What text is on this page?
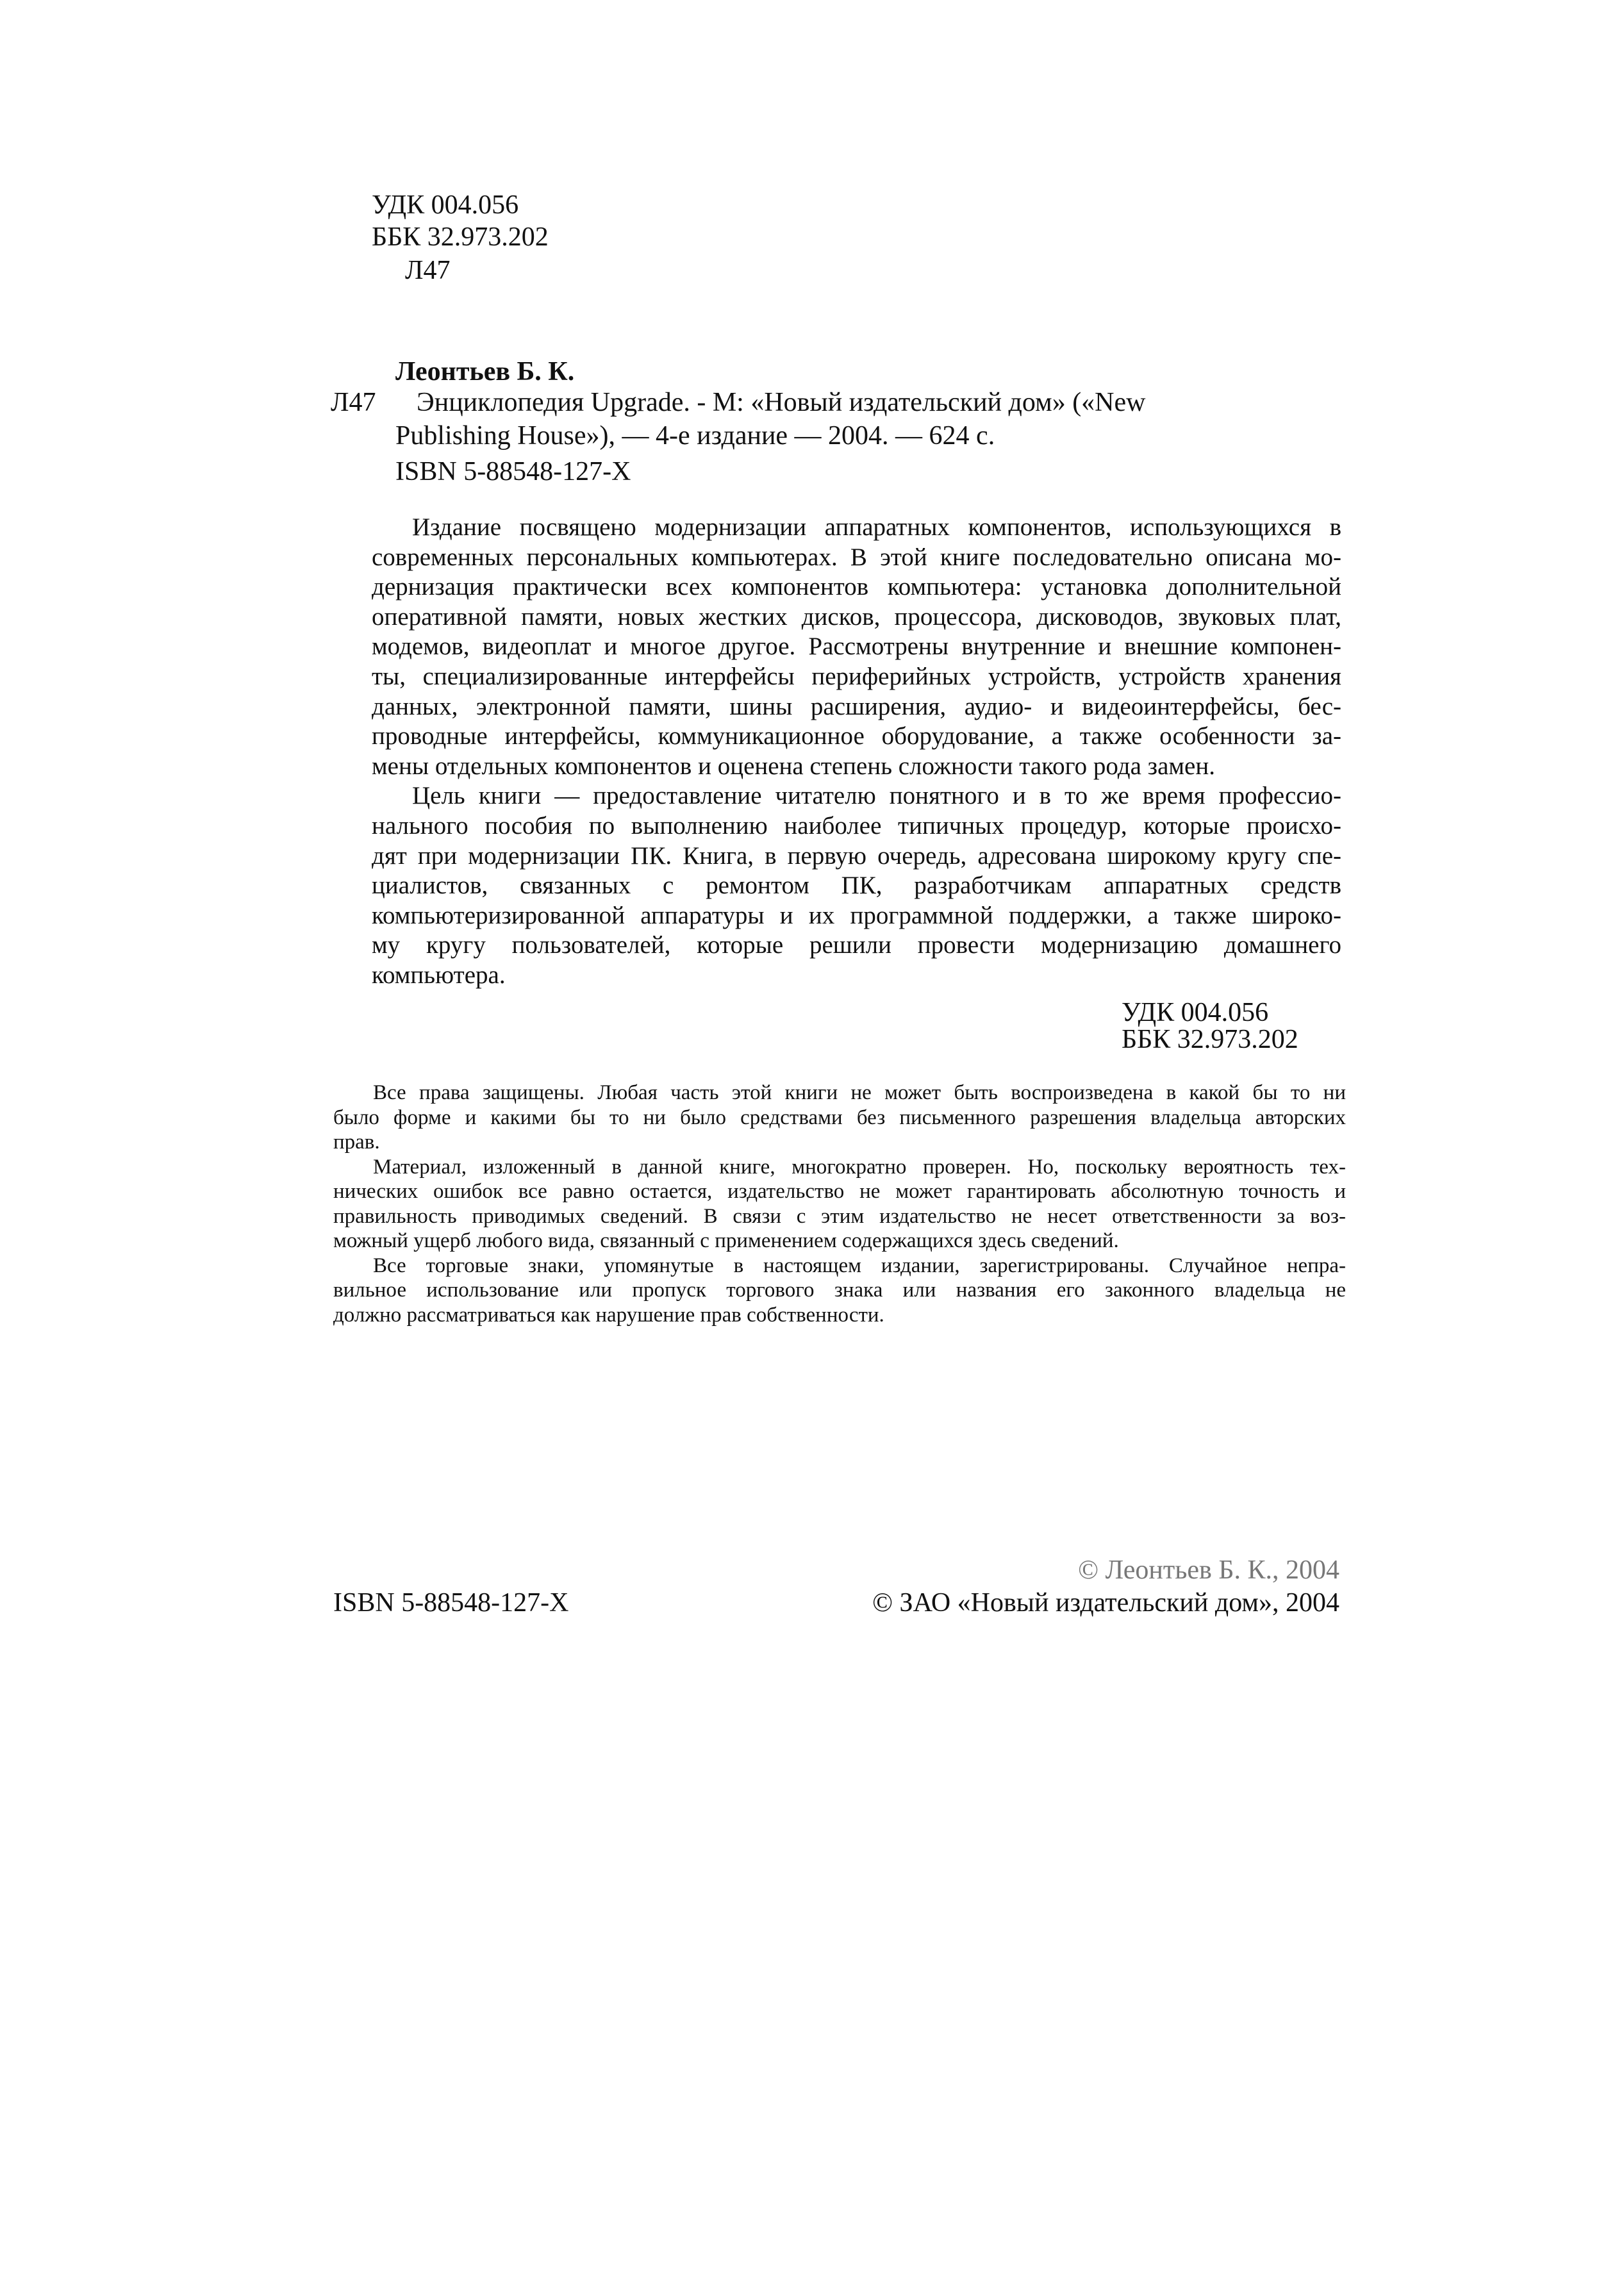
УДК 004.056
ББК 32.973.202
Л47
Леонтьев Б. К.
Л47 Энциклопедия Upgrade. - М: «Новый издательский дом» («New
Publishing House»), — 4-е издание — 2004. — 624 с.
ISBN 5-88548-127-X
Издание посвящено модернизации аппаратных компонентов, использующихся в
современных персональных компьютерах. В этой книге последовательно описана мо-
дернизация практически всех компонентов компьютера: установка дополнительной
оперативной памяти, новых жестких дисков, процессора, дисководов, звуковых плат,
модемов, видеоплат и многое другое. Рассмотрены внутренние и внешние компонен-
ты, специализированные интерфейсы периферийных устройств, устройств хранения
данных, электронной памяти, шины расширения, аудио- и видеоинтерфейсы, бес-
проводные интерфейсы, коммуникационное оборудование, а также особенности за-
мены отдельных компонентов и оценена степень сложности такого рода замен.
Цель книги — предоставление читателю понятного и в то же время профессио-
нального пособия по выполнению наиболее типичных процедур, которые происхо-
дят при модернизации ПК. Книга, в первую очередь, адресована широкому кругу спе-
циалистов, связанных с ремонтом ПК, разработчикам аппаратных средств
компьютеризированной аппаратуры и их программной поддержки, а также широко-
му кругу пользователей, которые решили провести модернизацию домашнего
компьютера.
УДК 004.056
ББК 32.973.202
Все права защищены. Любая часть этой книги не может быть воспроизведена в какой бы то ни
было форме и какими бы то ни было средствами без письменного разрешения владельца авторских
прав.
Материал, изложенный в данной книге, многократно проверен. Но, поскольку вероятность тех-
нических ошибок все равно остается, издательство не может гарантировать абсолютную точность и
правильность приводимых сведений. В связи с этим издательство не несет ответственности за воз-
можный ущерб любого вида, связанный с применением содержащихся здесь сведений.
Все торговые знаки, упомянутые в настоящем издании, зарегистрированы. Случайное непра-
вильное использование или пропуск торгового знака или названия его законного владельца не
должно рассматриваться как нарушение прав собственности.
© Леонтьев Б. К., 2004
ISBN 5-88548-127-X	© ЗАО «Новый издательский дом», 2004
